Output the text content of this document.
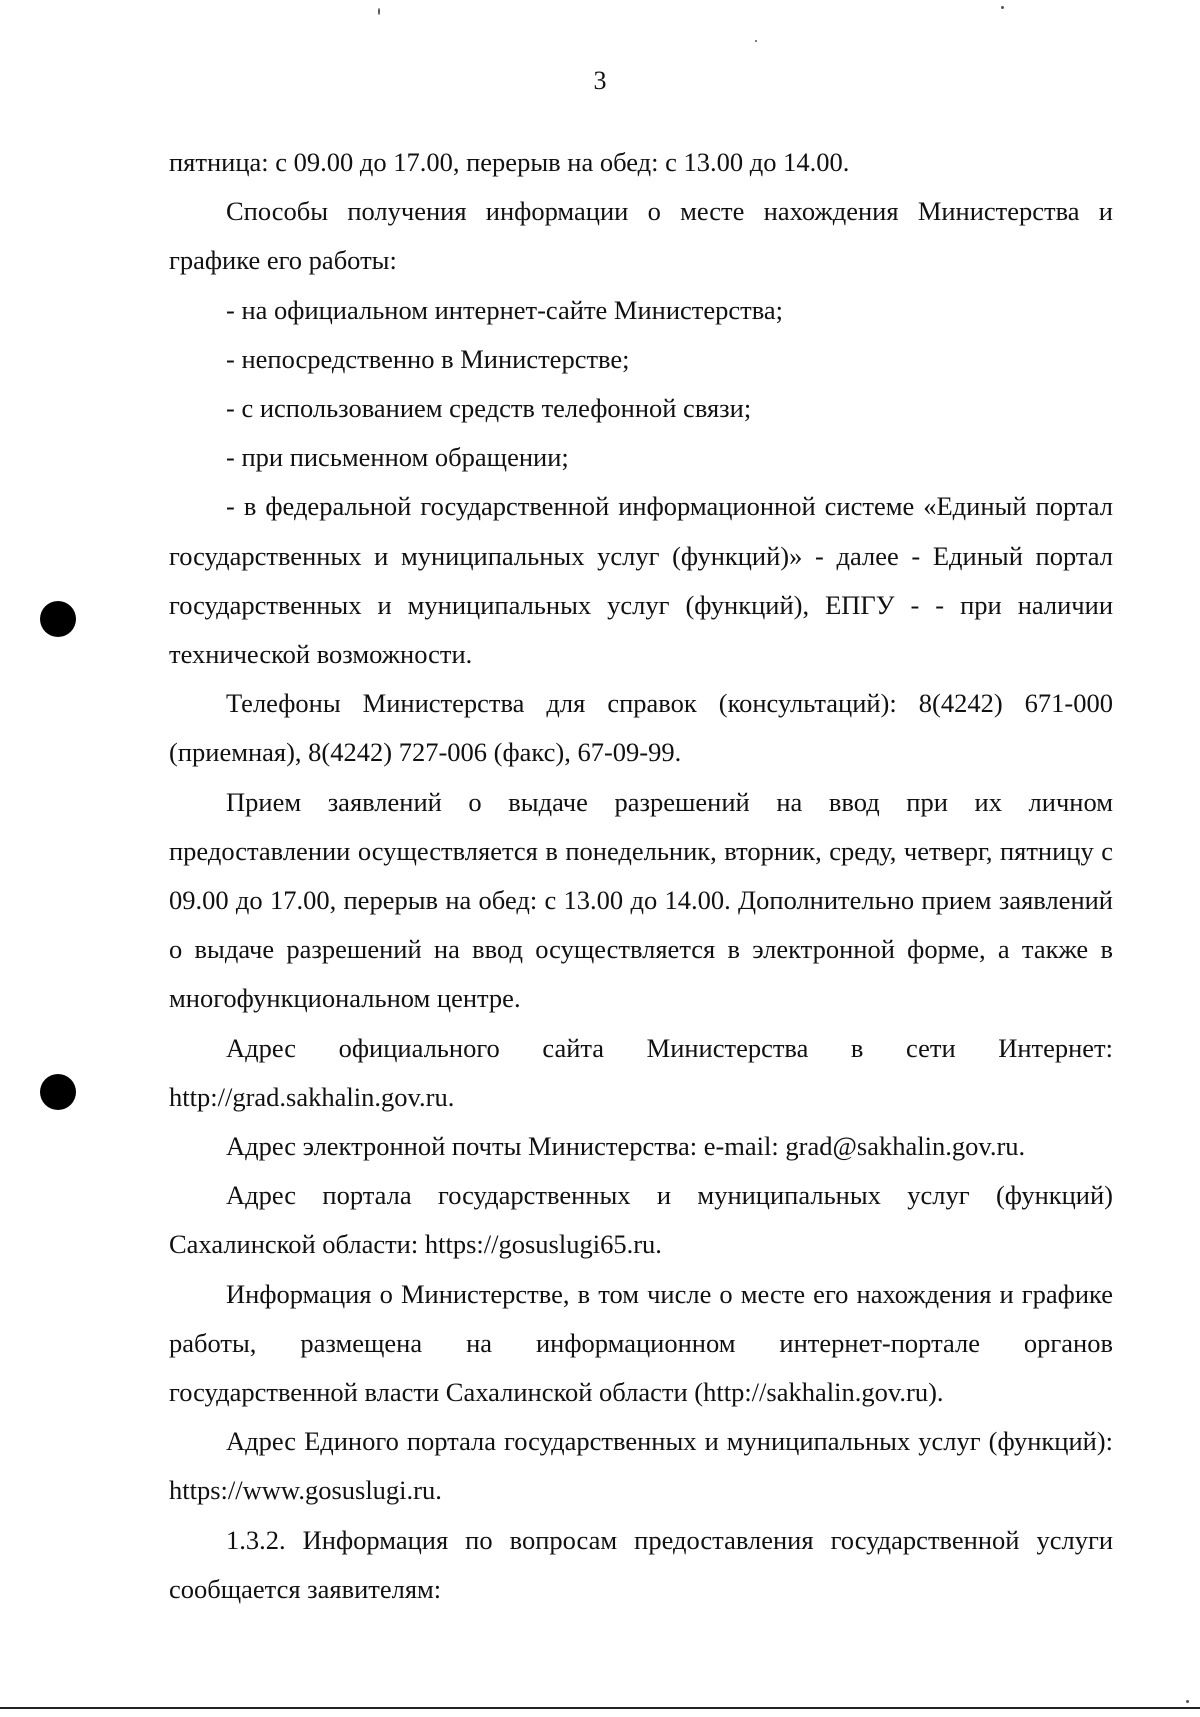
3

пятница: с 09.00 до 17.00, перерыв на обед: с 13.00 до 14.00.

Способы получения информации о месте нахождения Министерства и графике его работы:

- на официальном интернет-сайте Министерства;

- непосредственно в Министерстве;

- с использованием средств телефонной связи;

- при письменном обращении;

- в федеральной государственной информационной системе «Единый портал государственных и муниципальных услуг (функций)» - далее - Единый портал государственных и муниципальных услуг (функций), ЕПГУ - - при наличии технической возможности.

Телефоны Министерства для справок (консультаций): 8(4242) 671-000 (приемная), 8(4242) 727-006 (факс), 67-09-99.

Прием заявлений о выдаче разрешений на ввод при их личном предоставлении осуществляется в понедельник, вторник, среду, четверг, пятницу с 09.00 до 17.00, перерыв на обед: с 13.00 до 14.00. Дополнительно прием заявлений о выдаче разрешений на ввод осуществляется в электронной форме, а также в многофункциональном центре.

Адрес официального сайта Министерства в сети Интернет: http://grad.sakhalin.gov.ru.

Адрес электронной почты Министерства: e-mail: grad@sakhalin.gov.ru.

Адрес портала государственных и муниципальных услуг (функций) Сахалинской области: https://gosuslugi65.ru.

Информация о Министерстве, в том числе о месте его нахождения и графике работы, размещена на информационном интернет-портале органов государственной власти Сахалинской области (http://sakhalin.gov.ru).

Адрес Единого портала государственных и муниципальных услуг (функций): https://www.gosuslugi.ru.

1.3.2. Информация по вопросам предоставления государственной услуги сообщается заявителям:
